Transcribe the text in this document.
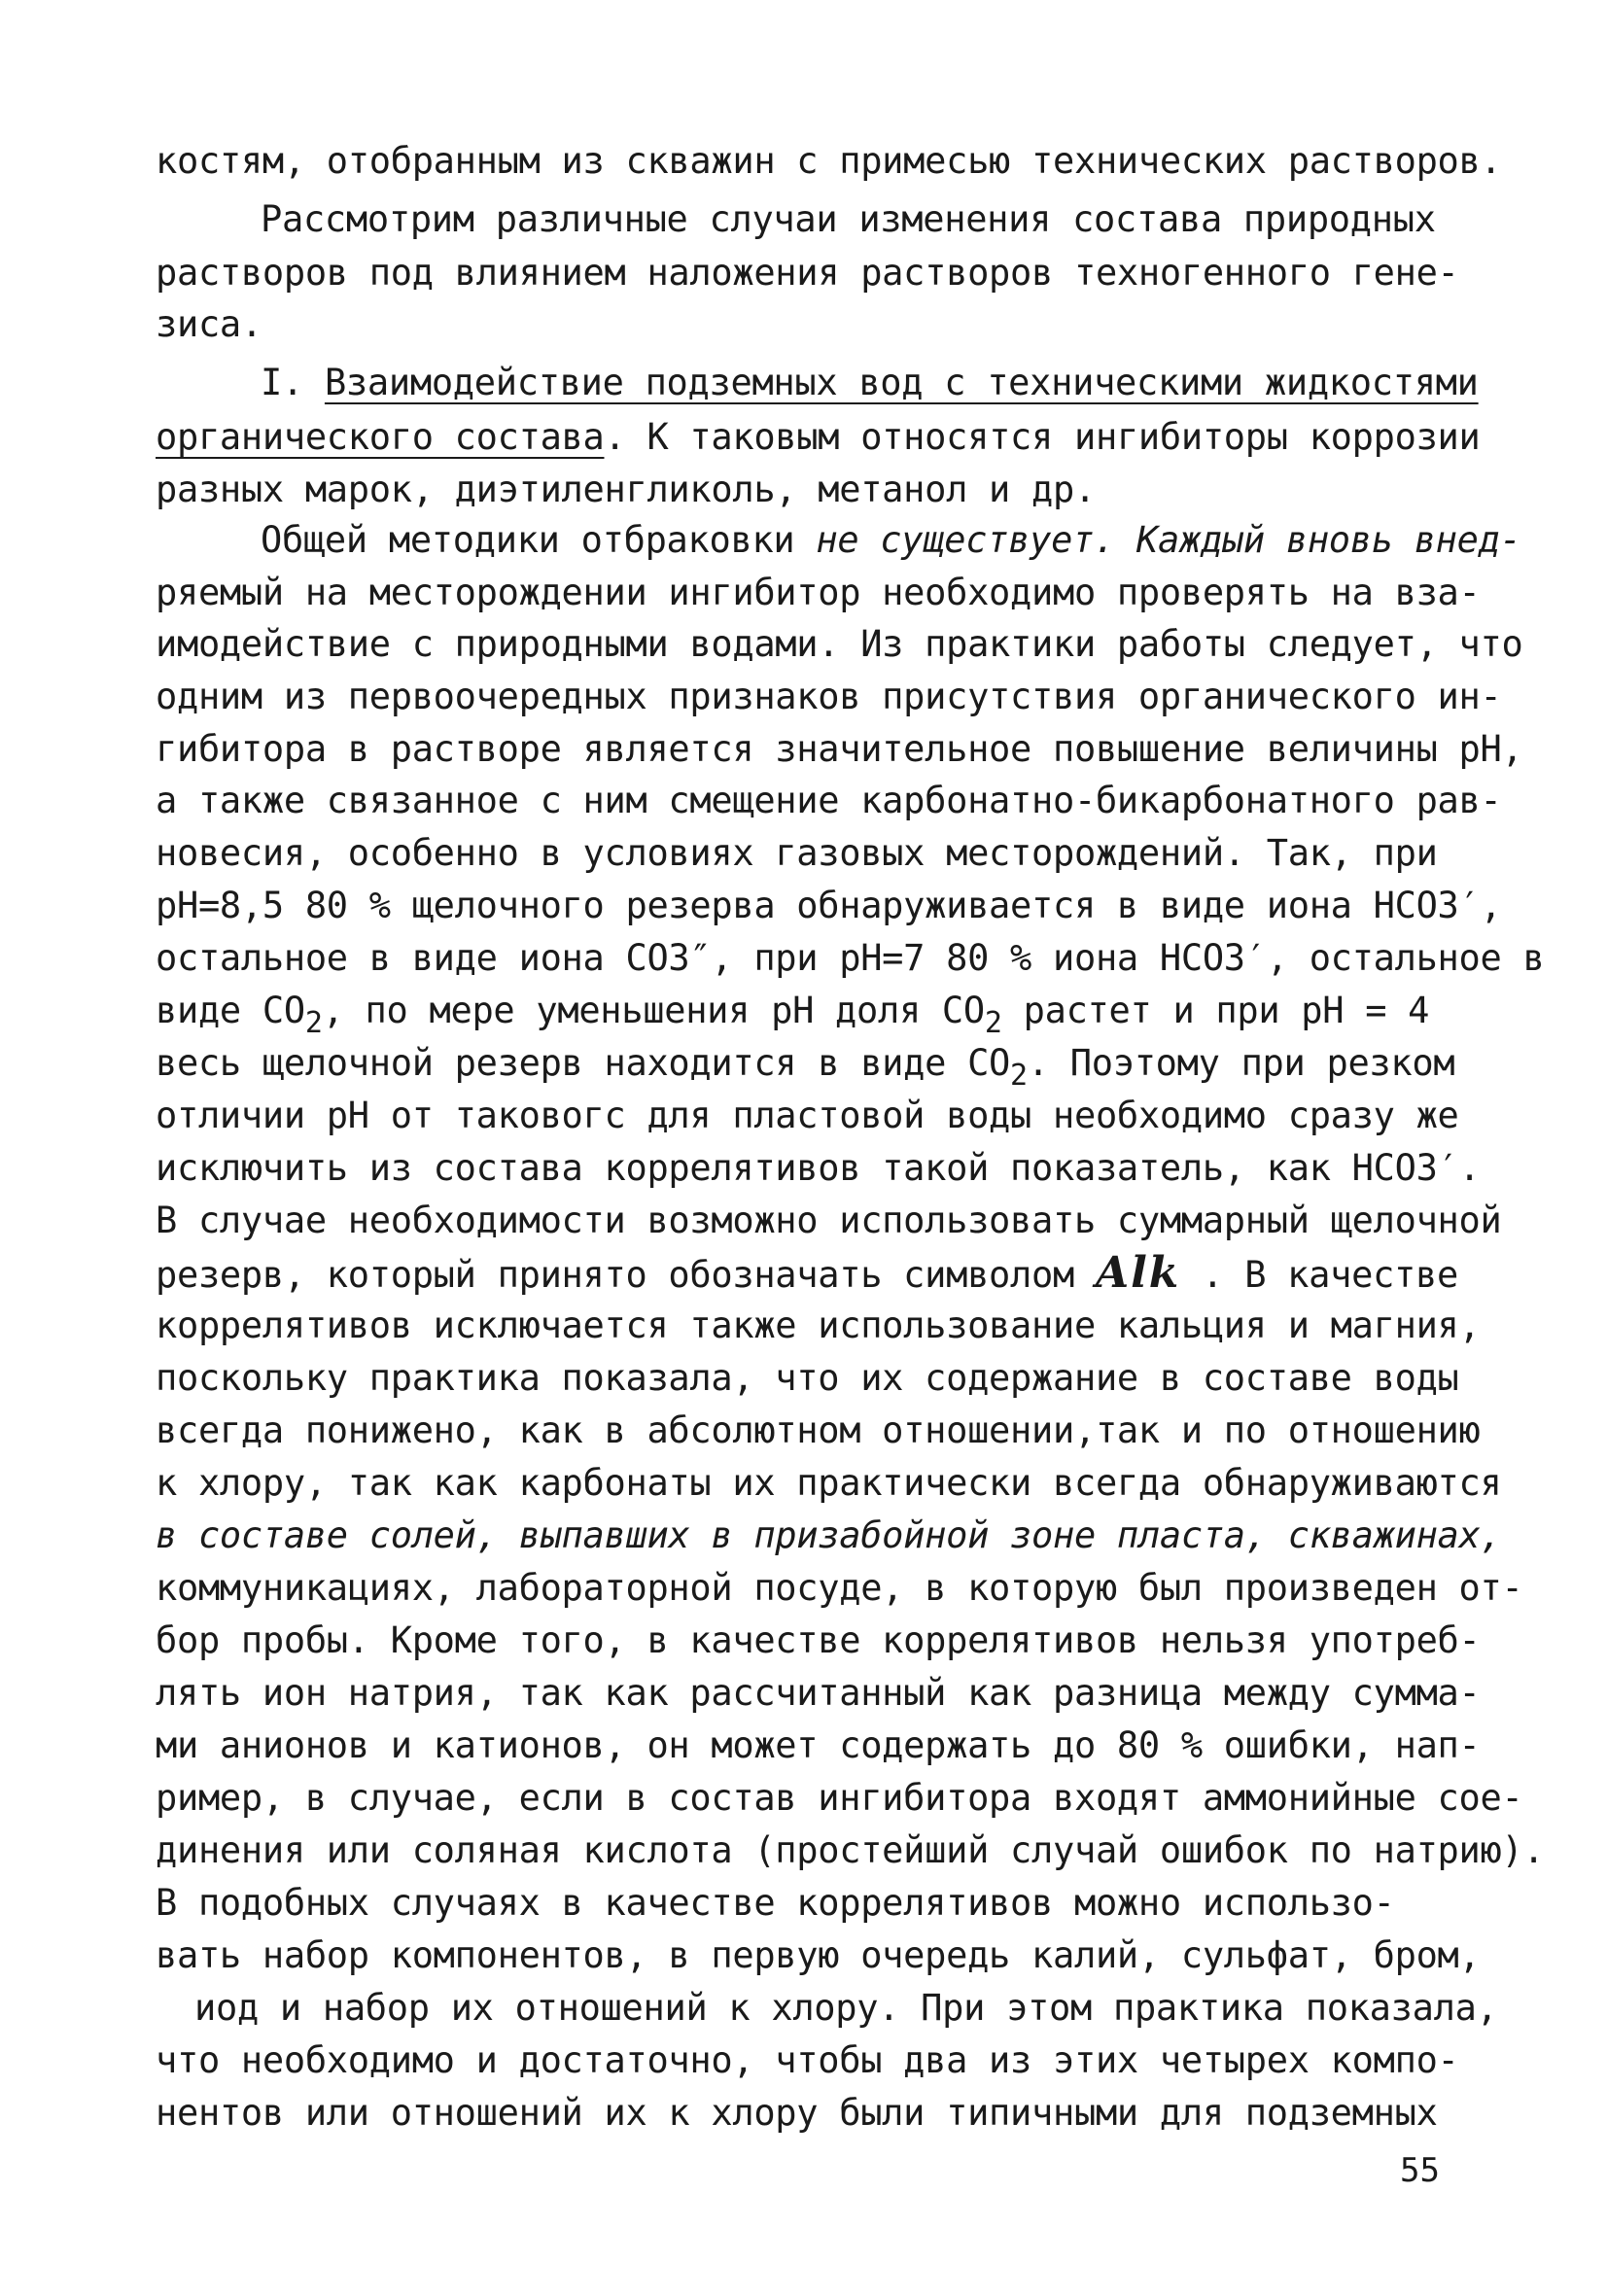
костям, отобранным из скважин с примесью технических растворов.
Рассмотрим различные случаи изменения состава природных
растворов под влиянием наложения растворов техногенного гене-
зиса.
I. Взаимодействие подземных вод с техническими жидкостями
органического состава. К таковым относятся ингибиторы коррозии
разных марок, диэтиленгликоль, метанол и др.
Общей методики отбраковки не существует. Каждый вновь внед-
ряемый на месторождении ингибитор необходимо проверять на вза-
имодействие с природными водами. Из практики работы следует, что
одним из первоочередных признаков присутствия органического ин-
гибитора в растворе является значительное повышение величины pH,
а также связанное с ним смещение карбонатно-бикарбонатного рав-
новесия, особенно в условиях газовых месторождений. Так, при
pH=8,5 80 % щелочного резерва обнаруживается в виде иона HCO3′,
остальное в виде иона CO3″, при pH=7 80 % иона HCO3′, остальное в
виде $CO_2$, по мере уменьшения pH доля $CO_2$ растет и при pH = 4
весь щелочной резерв находится в виде $CO_2$. Поэтому при резком
отличии pH от таковогс для пластовой воды необходимо сразу же
исключить из состава коррелятивов такой показатель, как HCO3′.
В случае необходимости возможно использовать суммарный щелочной
резерв, который принято обозначать символом Alk . В качестве
коррелятивов исключается также использование кальция и магния,
поскольку практика показала, что их содержание в составе воды
всегда понижено, как в абсолютном отношении,так и по отношению
к хлору, так как карбонаты их практически всегда обнаруживаются
в составе солей, выпавших в призабойной зоне пласта, скважинах,
коммуникациях, лабораторной посуде, в которую был произведен от-
бор пробы. Кроме того, в качестве коррелятивов нельзя употреб-
лять ион натрия, так как рассчитанный как разница между сумма-
ми анионов и катионов, он может содержать до 80 % ошибки, нап-
ример, в случае, если в состав ингибитора входят аммонийные сое-
динения или соляная кислота (простейший случай ошибок по натрию).
В подобных случаях в качестве коррелятивов можно использо-
вать набор компонентов, в первую очередь калий, сульфат, бром,
иод и набор их отношений к хлору. При этом практика показала,
что необходимо и достаточно, чтобы два из этих четырех компо-
нентов или отношений их к хлору были типичными для подземных
55
